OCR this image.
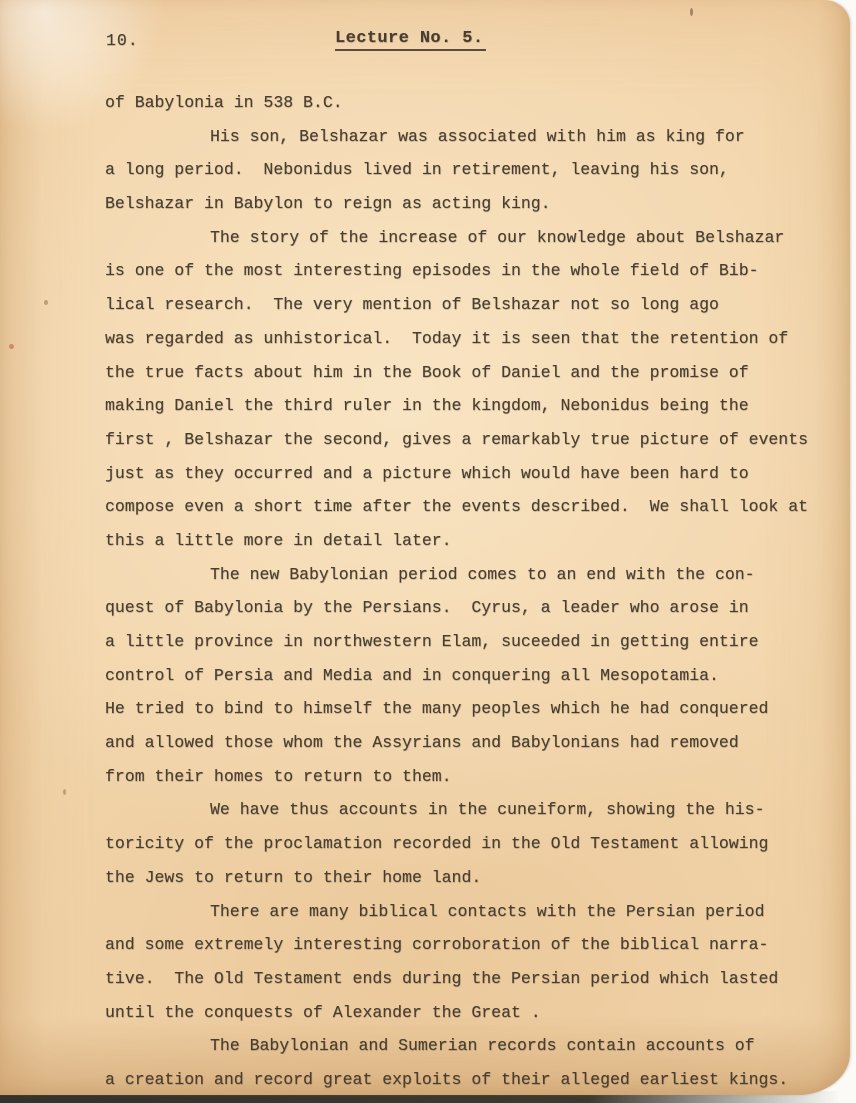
10.	Lecture No. 5.
of Babylonia in 538 B.C.
His son, Belshazar was associated with him as king for
a long period.  Nebonidus lived in retirement, leaving his son,
Belshazar in Babylon to reign as acting king.
The story of the increase of our knowledge about Belshazar
is one of the most interesting episodes in the whole field of Bib-
lical research.  The very mention of Belshazar not so long ago
was regarded as unhistorical.  Today it is seen that the retention of
the true facts about him in the Book of Daniel and the promise of
making Daniel the third ruler in the kingdom, Nebonidus being the
first , Belshazar the second, gives a remarkably true picture of events
just as they occurred and a picture which would have been hard to
compose even a short time after the events described.  We shall look at
this a little more in detail later.
The new Babylonian period comes to an end with the con-
quest of Babylonia by the Persians.  Cyrus, a leader who arose in
a little province in northwestern Elam, suceeded in getting entire
control of Persia and Media and in conquering all Mesopotamia.
He tried to bind to himself the many peoples which he had conquered
and allowed those whom the Assyrians and Babylonians had removed
from their homes to return to them.
We have thus accounts in the cuneiform, showing the his-
toricity of the proclamation recorded in the Old Testament allowing
the Jews to return to their home land.
There are many biblical contacts with the Persian period
and some extremely interesting corroboration of the biblical narra-
tive.  The Old Testament ends during the Persian period which lasted
until the conquests of Alexander the Great .
The Babylonian and Sumerian records contain accounts of
a creation and record great exploits of their alleged earliest kings.
